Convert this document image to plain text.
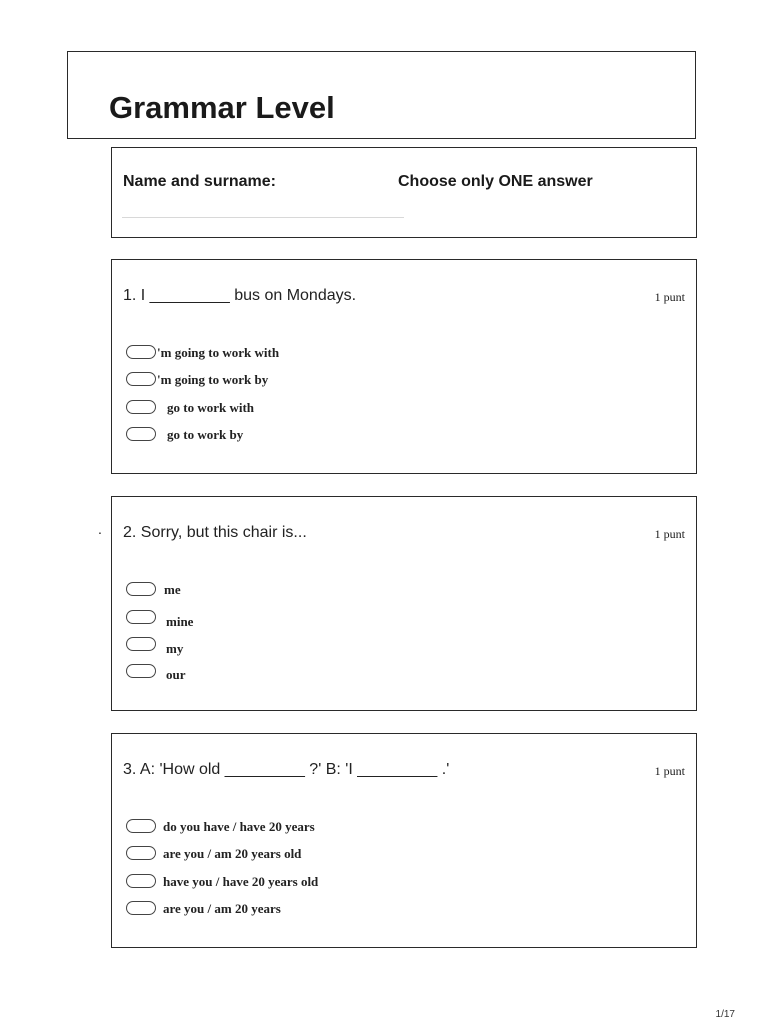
Grammar Level
Name and surname:	Choose only ONE answer
.
1. I _________ bus on Mondays.	1 punt
'm going to work with
'm going to work by
go to work with
go to work by
2. Sorry, but this chair is...	1 punt
me
mine
my
our
3. A: 'How old _________ ?' B: 'I _________ .'	1 punt
do you have / have 20 years
are you / am 20 years old
have you / have 20 years old
are you / am 20 years
1/17
